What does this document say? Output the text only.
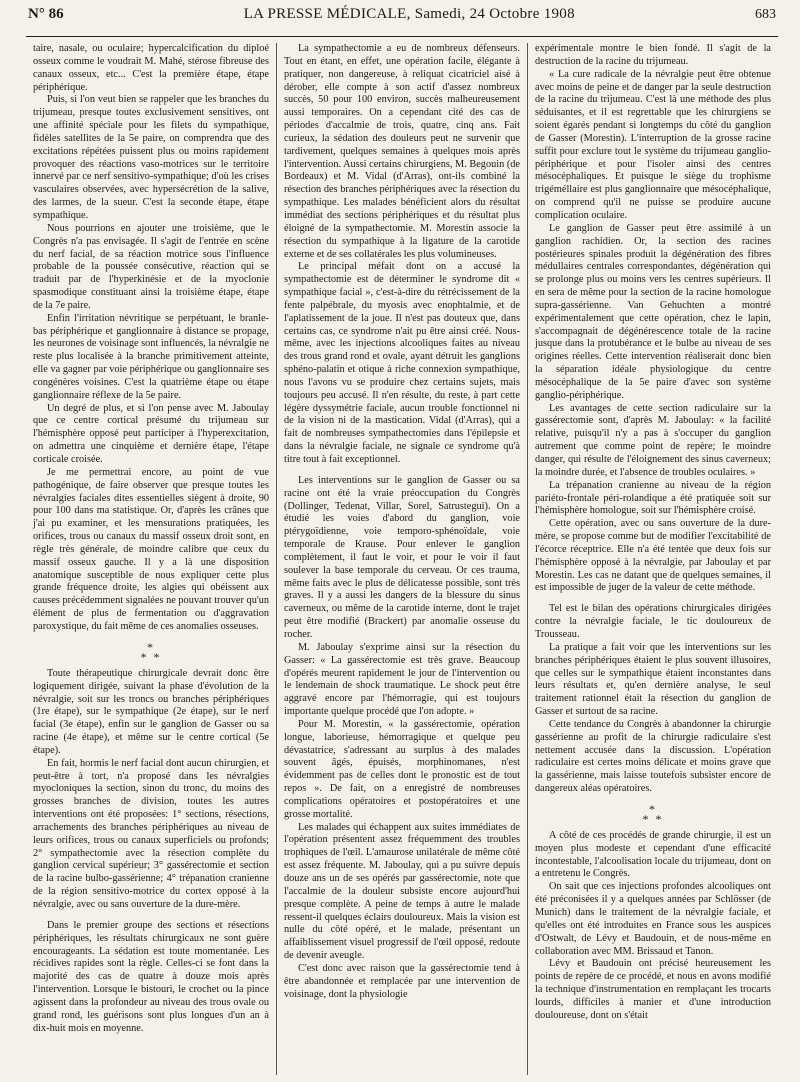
N° 86	LA PRESSE MÉDICALE, Samedi, 24 Octobre 1908	683

taire, nasale, ou oculaire; hypercalcification du diploé osseux comme le voudrait M. Mahé, stérose fibreuse des canaux osseux, etc... C'est la première étape, étape périphérique.

Puis, si l'on veut bien se rappeler que les branches du trijumeau, presque toutes exclusivement sensitives, ont une affinité spéciale pour les filets du sympathique, fidèles satellites de la 5e paire, on comprendra que des excitations répétées puissent plus ou moins rapidement provoquer des réactions vaso-motrices sur le territoire innervé par ce nerf sensitivo-sympathique; d'où les crises vasculaires observées, avec hypersécrétion de la salive, des larmes, de la sueur. C'est la seconde étape, étape sympathique.

Nous pourrions en ajouter une troisième, que le Congrès n'a pas envisagée. Il s'agit de l'entrée en scène du nerf facial, de sa réaction motrice sous l'influence probable de la poussée consécutive, réaction qui se traduit par de l'hyperkinésie et de la myoclonie spasmodique constituant ainsi la troisième étape, étape de la 7e paire.

Enfin l'irritation névritique se perpétuant, le branle-bas périphérique et ganglionnaire à distance se propage, les neurones de voisinage sont influencés, la névralgie ne reste plus localisée à la branche primitivement atteinte, elle va gagner par voie périphérique ou ganglionnaire ses congénères voisines. C'est la quatrième étape ou étape ganglionnaire réflexe de la 5e paire.

Un degré de plus, et si l'on pense avec M. Jaboulay que ce centre cortical présumé du trijumeau sur l'hémisphère opposé peut participer à l'hyperexcitation, on admettra une cinquième et dernière étape, l'étape corticale croisée.

Je me permettrai encore, au point de vue pathogénique, de faire observer que presque toutes les névralgies faciales dites essentielles siègent à droite, 90 pour 100 dans ma statistique. Or, d'après les crânes que j'ai pu examiner, et les mensurations pratiquées, les orifices, trous ou canaux du massif osseux droit sont, en règle très générale, de moindre calibre que ceux du massif osseux gauche. Il y a là une disposition anatomique susceptible de nous expliquer cette plus grande fréquence droite, les algies qui obéissent aux causes précédemment signalées ne pouvant trouver qu'un élément de plus de fermentation ou d'aggravation paroxystique, du fait même de ces anomalies osseuses.

*
* *

Toute thérapeutique chirurgicale devrait donc être logiquement dirigée, suivant la phase d'évolution de la névralgie, soit sur les troncs ou branches périphériques (1re étape), sur le sympathique (2e étape), sur le nerf facial (3e étape), enfin sur le ganglion de Gasser ou sa racine (4e étape), et même sur le centre cortical (5e étape).

En fait, hormis le nerf facial dont aucun chirurgien, et peut-être à tort, n'a proposé dans les névralgies myocloniques la section, sinon du tronc, du moins des grosses branches de division, toutes les autres interventions ont été proposées: 1° sections, résections, arrachements des branches périphériques au niveau de leurs orifices, trous ou canaux superficiels ou profonds; 2° sympathectomie avec la résection complète du ganglion cervical supérieur; 3° gassérectomie et section de la racine bulbo-gassérienne; 4° trépanation cranienne de la région sensitivo-motrice du cortex opposé à la névralgie, avec ou sans ouverture de la dure-mère.

Dans le premier groupe des sections et résections périphériques, les résultats chirurgicaux ne sont guère encourageants. La sédation est toute momentanée. Les récidives rapides sont la règle. Celles-ci se font dans la majorité des cas de quatre à douze mois après l'intervention. Lorsque le bistouri, le crochet ou la pince agissent dans la profondeur au niveau des trous ovale ou grand rond, les guérisons sont plus longues d'un an à dix-huit mois en moyenne.

La sympathectomie a eu de nombreux défenseurs. Tout en étant, en effet, une opération facile, élégante à pratiquer, non dangereuse, à reliquat cicatriciel aisé à dérober, elle compte à son actif d'assez nombreux succès, 50 pour 100 environ, succès malheureusement aussi temporaires. On a cependant cité des cas de périodes d'accalmie de trois, quatre, cinq ans. Fait curieux, la sédation des douleurs peut ne survenir que tardivement, quelques semaines à quelques mois après l'intervention. Aussi certains chirurgiens, M. Begouin (de Bordeaux) et M. Vidal (d'Arras), ont-ils combiné la résection des branches périphériques avec la résection du sympathique. Les malades bénéficient alors du résultat immédiat des sections périphériques et du résultat plus éloigné de la sympathectomie. M. Morestin associe la résection du sympathique à la ligature de la carotide externe et de ses collatérales les plus volumineuses.

Le principal méfait dont on a accusé la sympathectomie est de déterminer le syndrome dit « sympathique facial », c'est-à-dire du rétrécissement de la fente palpébrale, du myosis avec enophtalmie, et de l'aplatissement de la joue. Il n'est pas douteux que, dans certains cas, ce syndrome n'ait pu être ainsi créé. Nous-même, avec les injections alcooliques faites au niveau des trous grand rond et ovale, ayant détruit les ganglions sphéno-palatin et otique à riche connexion sympathique, nous l'avons vu se produire chez certains sujets, mais toujours peu accusé. Il n'en résulte, du reste, à part cette légère dyssymétrie faciale, aucun trouble fonctionnel ni de la vision ni de la mastication. Vidal (d'Arras), qui a fait de nombreuses sympathectomies dans l'épilepsie et dans la névralgie faciale, ne signale ce syndrome qu'à titre tout à fait exceptionnel.

Les interventions sur le ganglion de Gasser ou sa racine ont été la vraie préoccupation du Congrès (Dollinger, Tedenat, Villar, Sorel, Satrustegui). On a étudié les voies d'abord du ganglion, voie ptérygoïdienne, voie temporo-sphénoïdale, voie temporale de Krause. Pour enlever le ganglion complètement, il faut le voir, et pour le voir il faut soulever la base temporale du cerveau. Or ces trauma, même faits avec le plus de délicatesse possible, sont très graves. Il y a aussi les dangers de la blessure du sinus caverneux, ou même de la carotide interne, dont le trajet peut être modifié (Brackert) par anomalie osseuse du rocher.

M. Jaboulay s'exprime ainsi sur la résection du Gasser: « La gassérectomie est très grave. Beaucoup d'opérés meurent rapidement le jour de l'intervention ou le lendemain de shock traumatique. Le shock peut être aggravé encore par l'hémorragie, qui est toujours importante quelque procédé que l'on adopte. »

Pour M. Morestin, « la gassérectomie, opération longue, laborieuse, hémorragique et quelque peu dévastatrice, s'adressant au surplus à des malades souvent âgés, épuisés, morphinomanes, n'est évidemment pas de celles dont le pronostic est de tout repos ». De fait, on a enregistré de nombreuses complications opératoires et postopératoires et une grosse mortalité.

Les malades qui échappent aux suites immédiates de l'opération présentent assez fréquemment des troubles trophiques de l'œil. L'amaurose unilatérale de même côté est assez fréquente. M. Jaboulay, qui a pu suivre depuis douze ans un de ses opérés par gassérectomie, note que l'accalmie de la douleur subsiste encore aujourd'hui presque complète. A peine de temps à autre le malade ressent-il quelques éclairs douloureux. Mais la vision est nulle du côté opéré, et le malade, présentant un affaiblissement visuel progressif de l'œil opposé, redoute de devenir aveugle.

C'est donc avec raison que la gassérectomie tend à être abandonnée et remplacée par une intervention de voisinage, dont la physiologie

expérimentale montre le bien fondé. Il s'agit de la destruction de la racine du trijumeau.

« La cure radicale de la névralgie peut être obtenue avec moins de peine et de danger par la seule destruction de la racine du trijumeau. C'est là une méthode des plus séduisantes, et il est regrettable que les chirurgiens se soient égarés pendant si longtemps du côté du ganglion de Gasser (Morestin). L'interruption de la grosse racine suffit pour exclure tout le système du trijumeau ganglio-périphérique et pour l'isoler ainsi des centres mésocéphaliques. Et puisque le siège du trophisme trigéméllaire est plus ganglionnaire que mésocéphalique, on comprend qu'il ne puisse se produire aucune complication oculaire.

Le ganglion de Gasser peut être assimilé à un ganglion rachidien. Or, la section des racines postérieures spinales produit la dégénération des fibres médullaires centrales correspondantes, dégénération qui se prolonge plus ou moins vers les centres supérieurs. Il en sera de même pour la section de la racine homologue supra-gassérienne. Van Gehuchten a montré expérimentalement que cette opération, chez le lapin, s'accompagnait de dégénérescence totale de la racine jusque dans la protubérance et le bulbe au niveau de ses origines réelles. Cette intervention réaliserait donc bien la séparation idéale physiologique du centre mésocéphalique de la 5e paire d'avec son système ganglio-périphérique.

Les avantages de cette section radiculaire sur la gassérectomie sont, d'après M. Jaboulay: « la facilité relative, puisqu'il n'y a pas à s'occuper du ganglion autrement que comme point de repère; le moindre danger, qui résulte de l'éloignement des sinus caverneux; la moindre durée, et l'absence de troubles oculaires. »

La trépanation cranienne au niveau de la région pariéto-frontale péri-rolandique a été pratiquée soit sur l'hémisphère homologue, soit sur l'hémisphère croisé.

Cette opération, avec ou sans ouverture de la dure-mère, se propose comme but de modifier l'excitabilité de l'écorce réceptrice. Elle n'a été tentée que deux fois sur l'hémisphère opposé à la névralgie, par Jaboulay et par Morestin. Les cas ne datant que de quelques semaines, il est impossible de juger de la valeur de cette méthode.

Tel est le bilan des opérations chirurgicales dirigées contre la névralgie faciale, le tic douloureux de Trousseau.

La pratique a fait voir que les interventions sur les branches périphériques étaient le plus souvent illusoires, que celles sur le sympathique étaient inconstantes dans leurs résultats et, qu'en dernière analyse, le seul traitement rationnel était la résection du ganglion de Gasser et surtout de sa racine.

Cette tendance du Congrès à abandonner la chirurgie gassérienne au profit de la chirurgie radiculaire s'est nettement accusée dans la discussion. L'opération radiculaire est certes moins délicate et moins grave que la gassérienne, mais laisse toutefois subsister encore de dangereux aléas opératoires.

*
* *

A côté de ces procédés de grande chirurgie, il est un moyen plus modeste et cependant d'une efficacité incontestable, l'alcoolisation locale du trijumeau, dont on a entretenu le Congrès.

On sait que ces injections profondes alcooliques ont été préconisées il y a quelques années par Schlösser (de Munich) dans le traitement de la névralgie faciale, et qu'elles ont été introduites en France sous les auspices d'Ostwalt, de Lévy et Baudouin, et de nous-même en collaboration avec MM. Brissaud et Tanon.

Lévy et Baudouin ont précisé heureusement les points de repère de ce procédé, et nous en avons modifié la technique d'instrumentation en remplaçant les trocarts lourds, difficiles à manier et d'une introduction douloureuse, dont on s'était
